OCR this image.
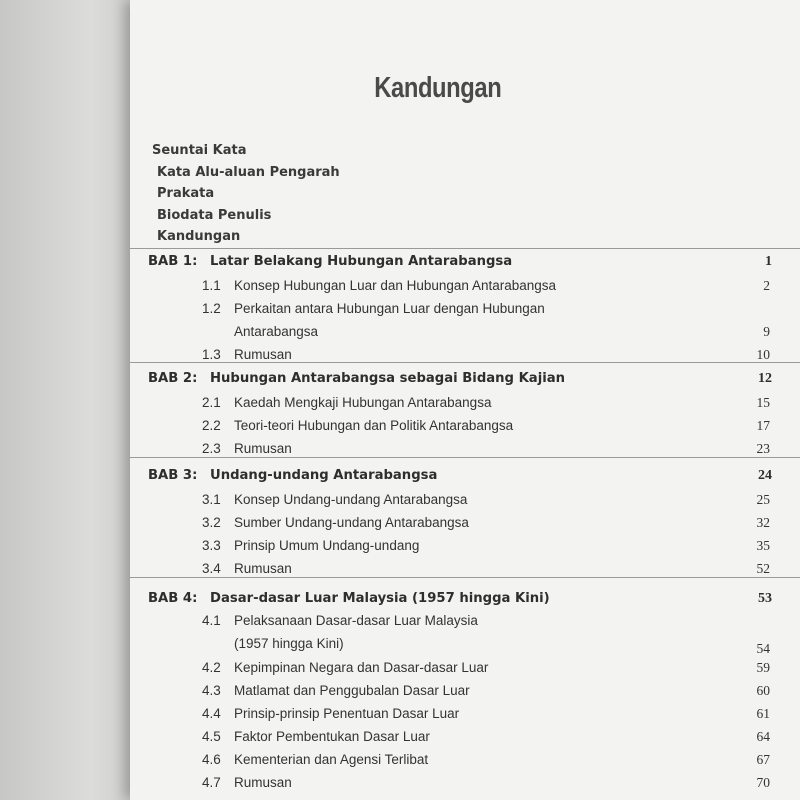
Kandungan
Seuntai Kata
Kata Alu-aluan Pengarah
Prakata
Biodata Penulis
Kandungan
BAB 1: Latar Belakang Hubungan Antarabangsa	1
1.1 Konsep Hubungan Luar dan Hubungan Antarabangsa	2
1.2 Perkaitan antara Hubungan Luar dengan Hubungan
Antarabangsa	9
1.3 Rumusan	10
BAB 2: Hubungan Antarabangsa sebagai Bidang Kajian	12
2.1 Kaedah Mengkaji Hubungan Antarabangsa	15
2.2 Teori-teori Hubungan dan Politik Antarabangsa	17
2.3 Rumusan	23
BAB 3: Undang-undang Antarabangsa	24
3.1 Konsep Undang-undang Antarabangsa	25
3.2 Sumber Undang-undang Antarabangsa	32
3.3 Prinsip Umum Undang-undang	35
3.4 Rumusan	52
BAB 4: Dasar-dasar Luar Malaysia (1957 hingga Kini)	53
4.1 Pelaksanaan Dasar-dasar Luar Malaysia
(1957 hingga Kini)	54
4.2 Kepimpinan Negara dan Dasar-dasar Luar	59
4.3 Matlamat dan Penggubalan Dasar Luar	60
4.4 Prinsip-prinsip Penentuan Dasar Luar	61
4.5 Faktor Pembentukan Dasar Luar	64
4.6 Kementerian dan Agensi Terlibat	67
4.7 Rumusan	70
